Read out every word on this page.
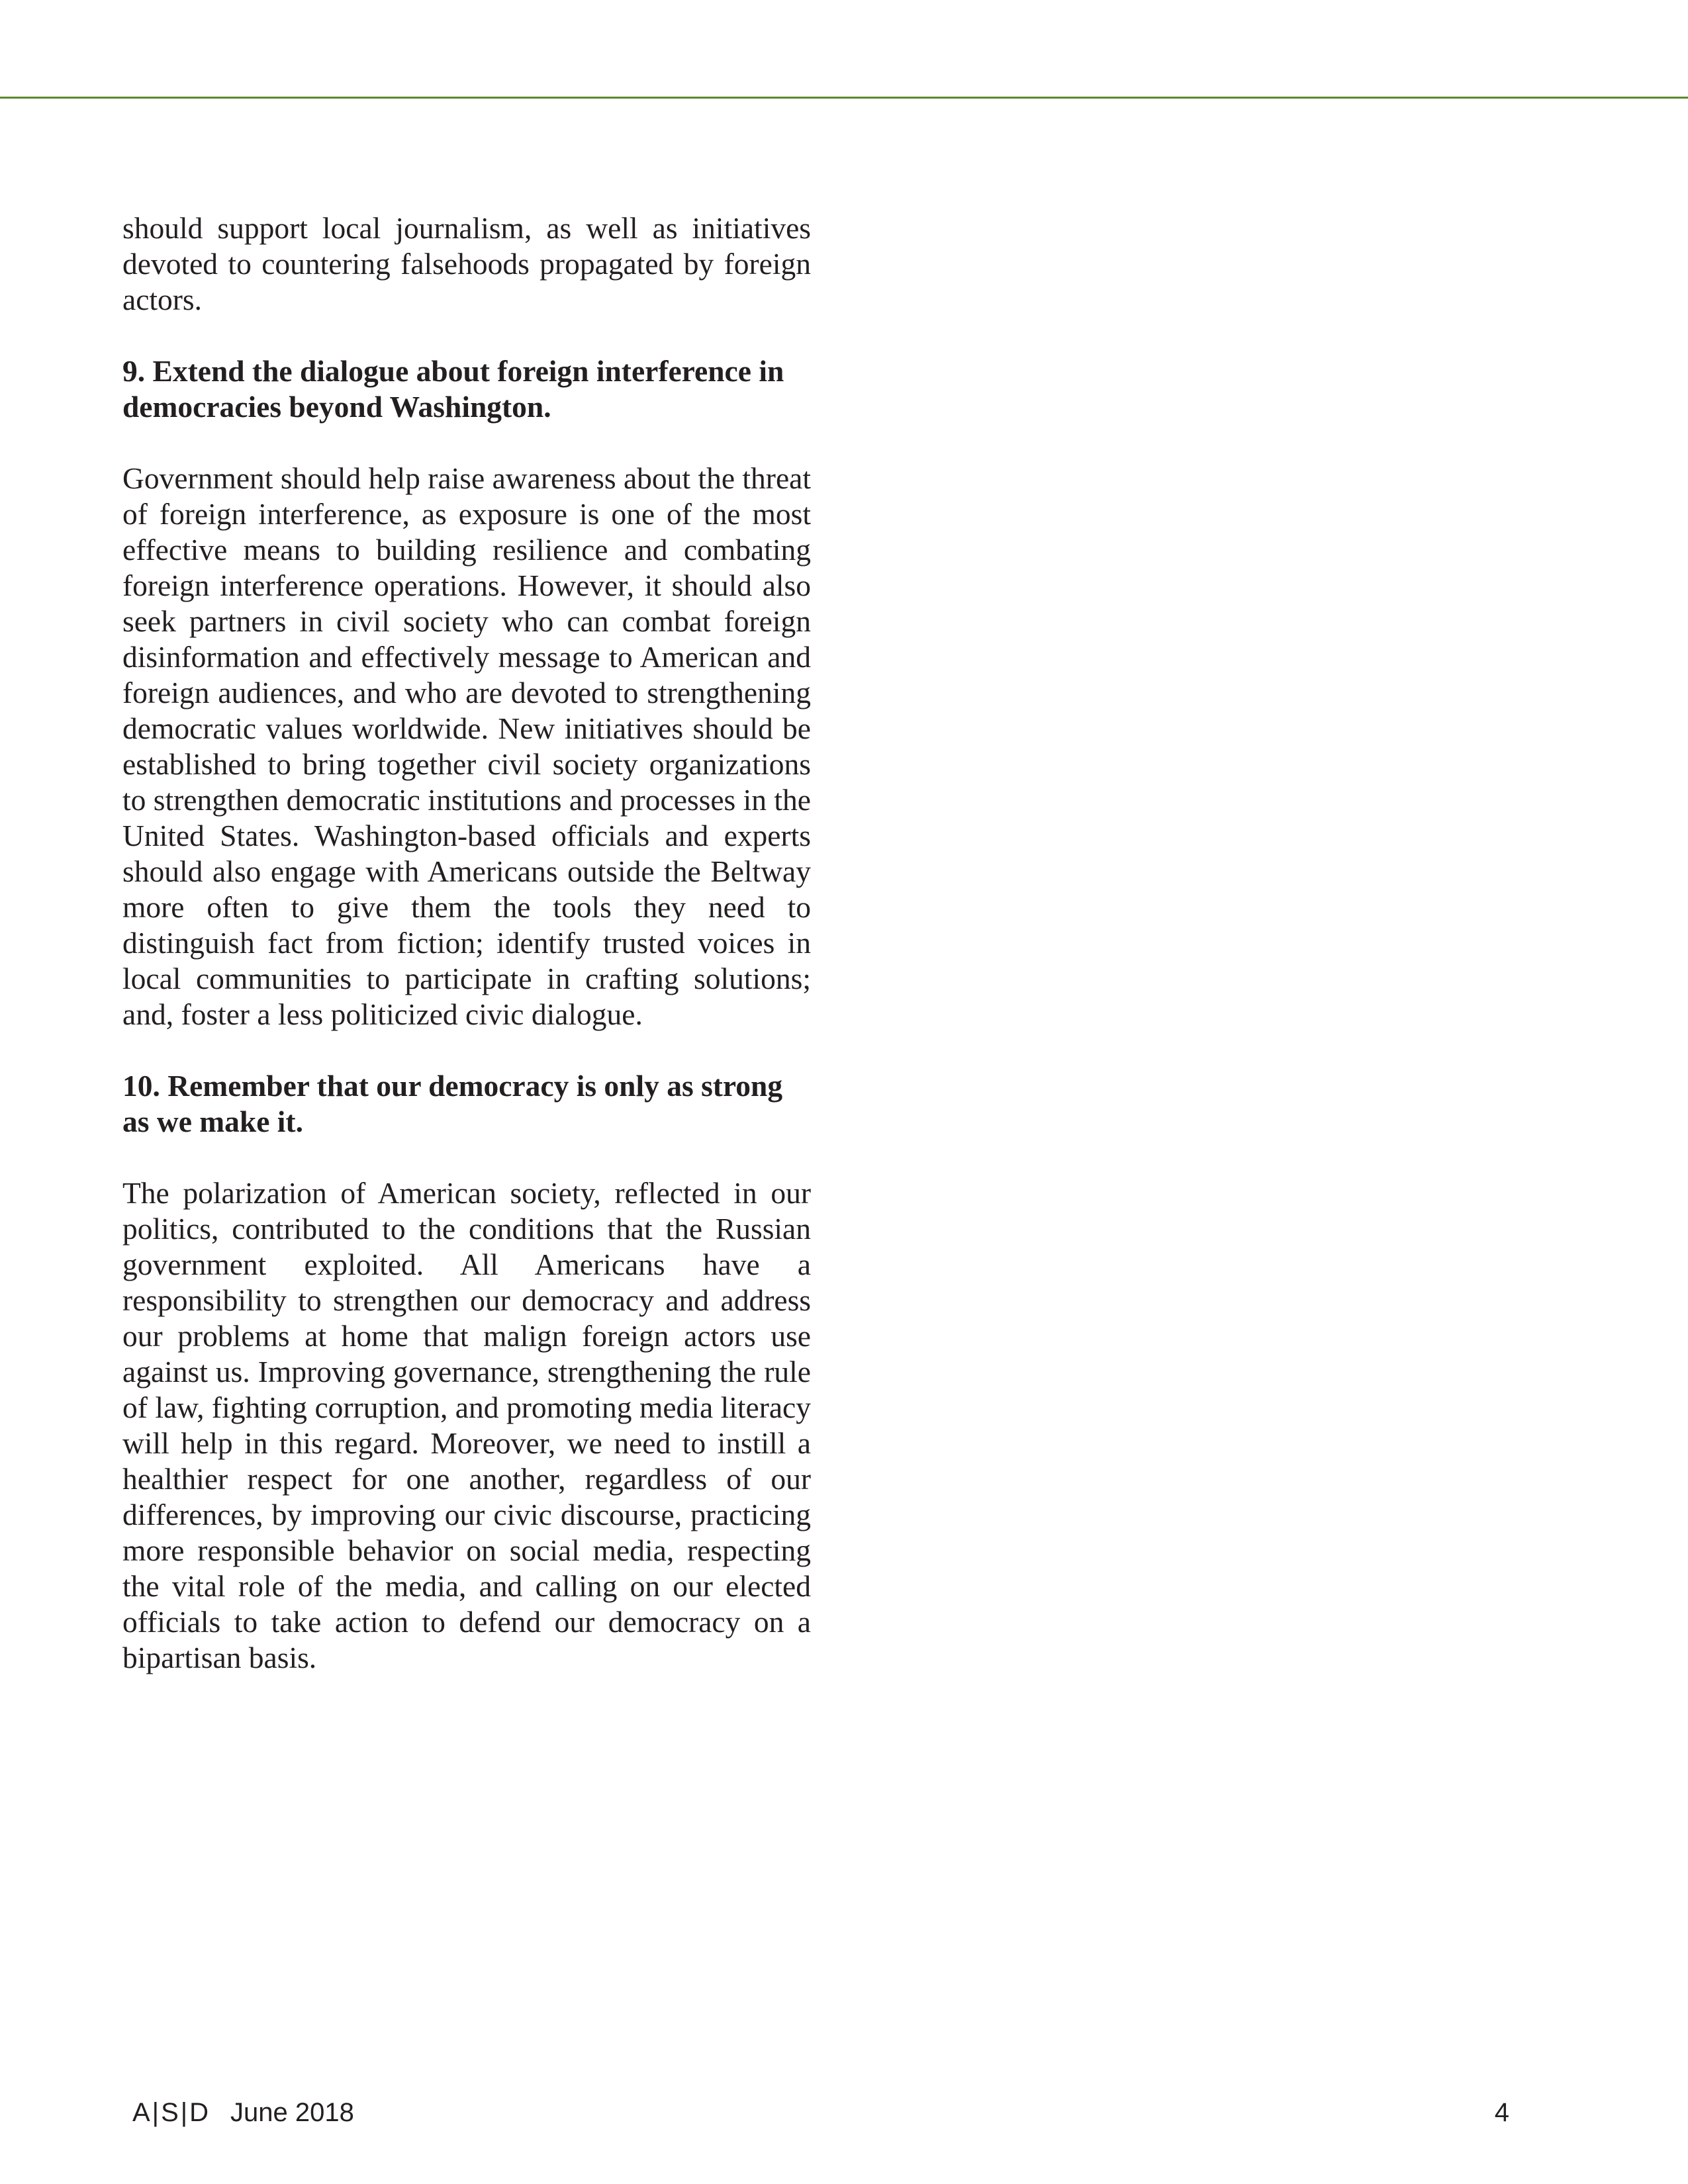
should support local journalism, as well as initiatives devoted to countering falsehoods propagated by foreign actors.

9. Extend the dialogue about foreign interference in democracies beyond Washington.

Government should help raise awareness about the threat of foreign interference, as exposure is one of the most effective means to building resilience and combating foreign interference operations. However, it should also seek partners in civil society who can combat foreign disinformation and effectively message to American and foreign audiences, and who are devoted to strengthening democratic values worldwide. New initiatives should be established to bring together civil society organizations to strengthen democratic institutions and processes in the United States. Washington-based officials and experts should also engage with Americans outside the Beltway more often to give them the tools they need to distinguish fact from fiction; identify trusted voices in local communities to participate in crafting solutions; and, foster a less politicized civic dialogue.

10. Remember that our democracy is only as strong as we make it.

The polarization of American society, reflected in our politics, contributed to the conditions that the Russian government exploited. All Americans have a responsibility to strengthen our democracy and address our problems at home that malign foreign actors use against us. Improving governance, strengthening the rule of law, fighting corruption, and promoting media literacy will help in this regard. Moreover, we need to instill a healthier respect for one another, regardless of our differences, by improving our civic discourse, practicing more responsible behavior on social media, respecting the vital role of the media, and calling on our elected officials to take action to defend our democracy on a bipartisan basis.

A|S|D June 2018	4
